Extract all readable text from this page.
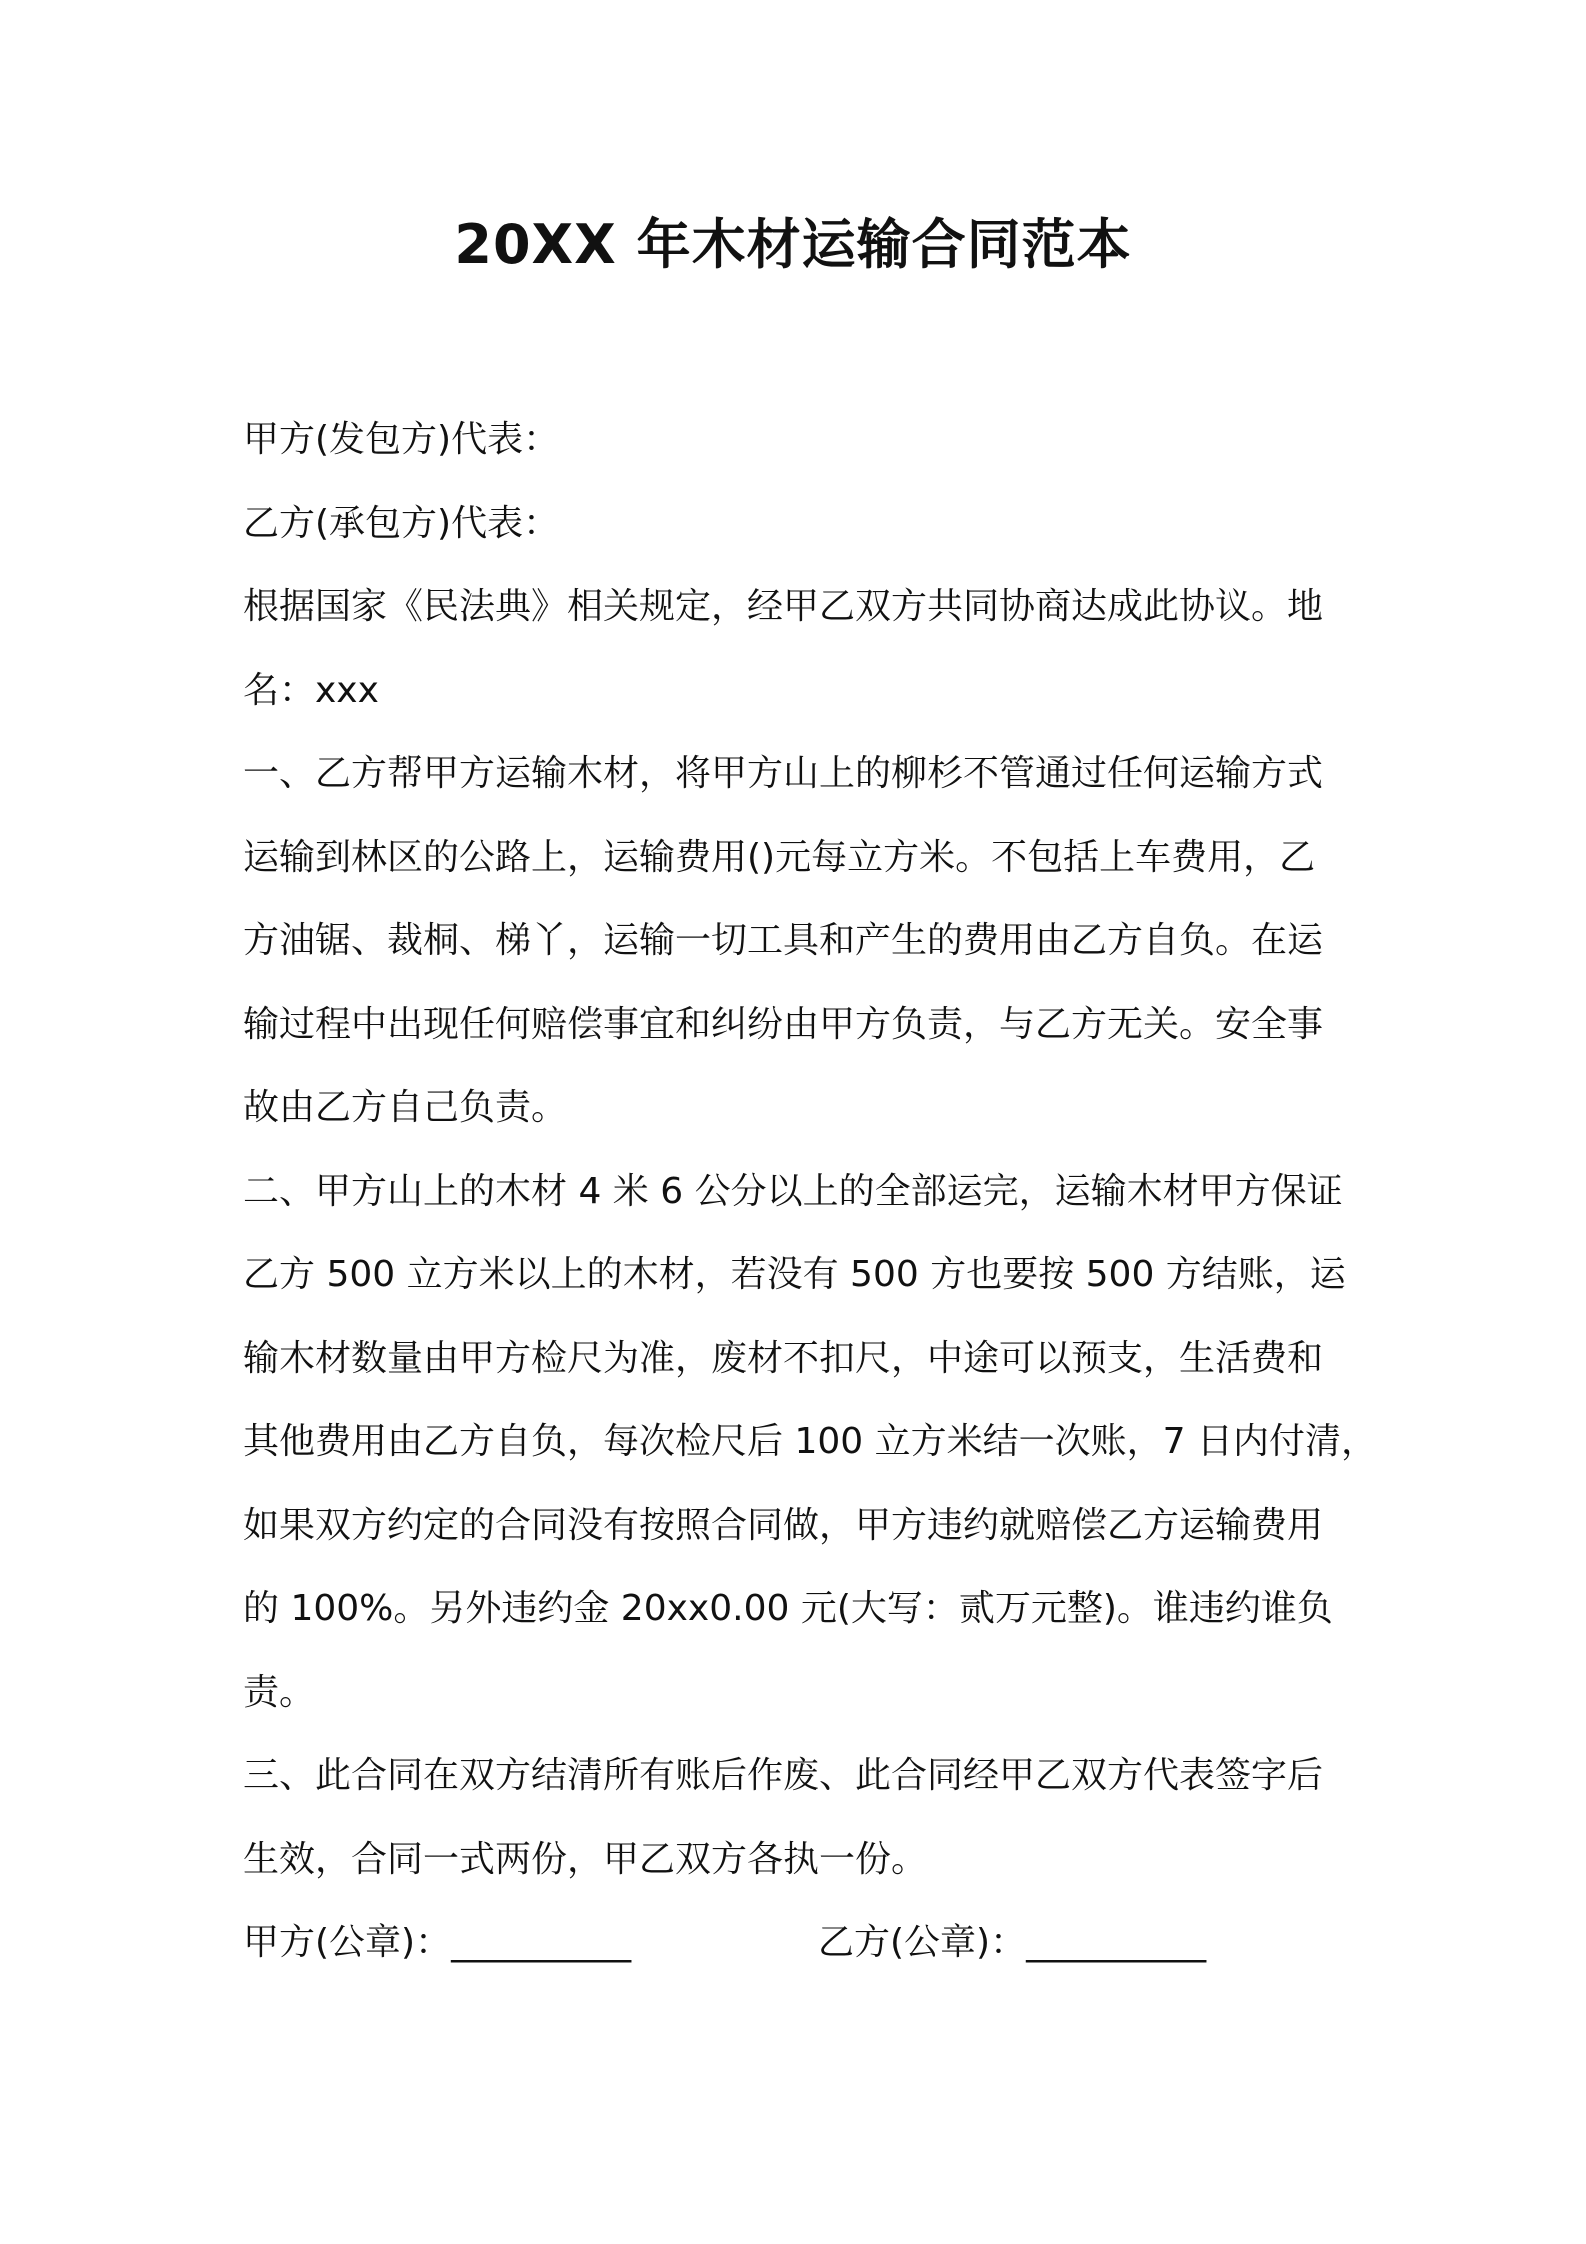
20XX 年木材运输合同范本
甲方(发包方)代表：
乙方(承包方)代表：
根据国家《民法典》相关规定，经甲乙双方共同协商达成此协议。地
名：xxx
一、乙方帮甲方运输木材，将甲方山上的柳杉不管通过任何运输方式
运输到林区的公路上，运输费用()元每立方米。不包括上车费用，乙
方油锯、裁桐、梯丫，运输一切工具和产生的费用由乙方自负。在运
输过程中出现任何赔偿事宜和纠纷由甲方负责，与乙方无关。安全事
故由乙方自己负责。
二、甲方山上的木材 4 米 6 公分以上的全部运完，运输木材甲方保证
乙方 500 立方米以上的木材，若没有 500 方也要按 500 方结账，运
输木材数量由甲方检尺为准，废材不扣尺，中途可以预支，生活费和
其他费用由乙方自负，每次检尺后 100 立方米结一次账，7 日内付清，
如果双方约定的合同没有按照合同做，甲方违约就赔偿乙方运输费用
的 100%。另外违约金 20xx0.00 元(大写：贰万元整)。谁违约谁负
责。
三、此合同在双方结清所有账后作废、此合同经甲乙双方代表签字后
生效，合同一式两份，甲乙双方各执一份。
甲方(公章)：__________	乙方(公章)：__________
